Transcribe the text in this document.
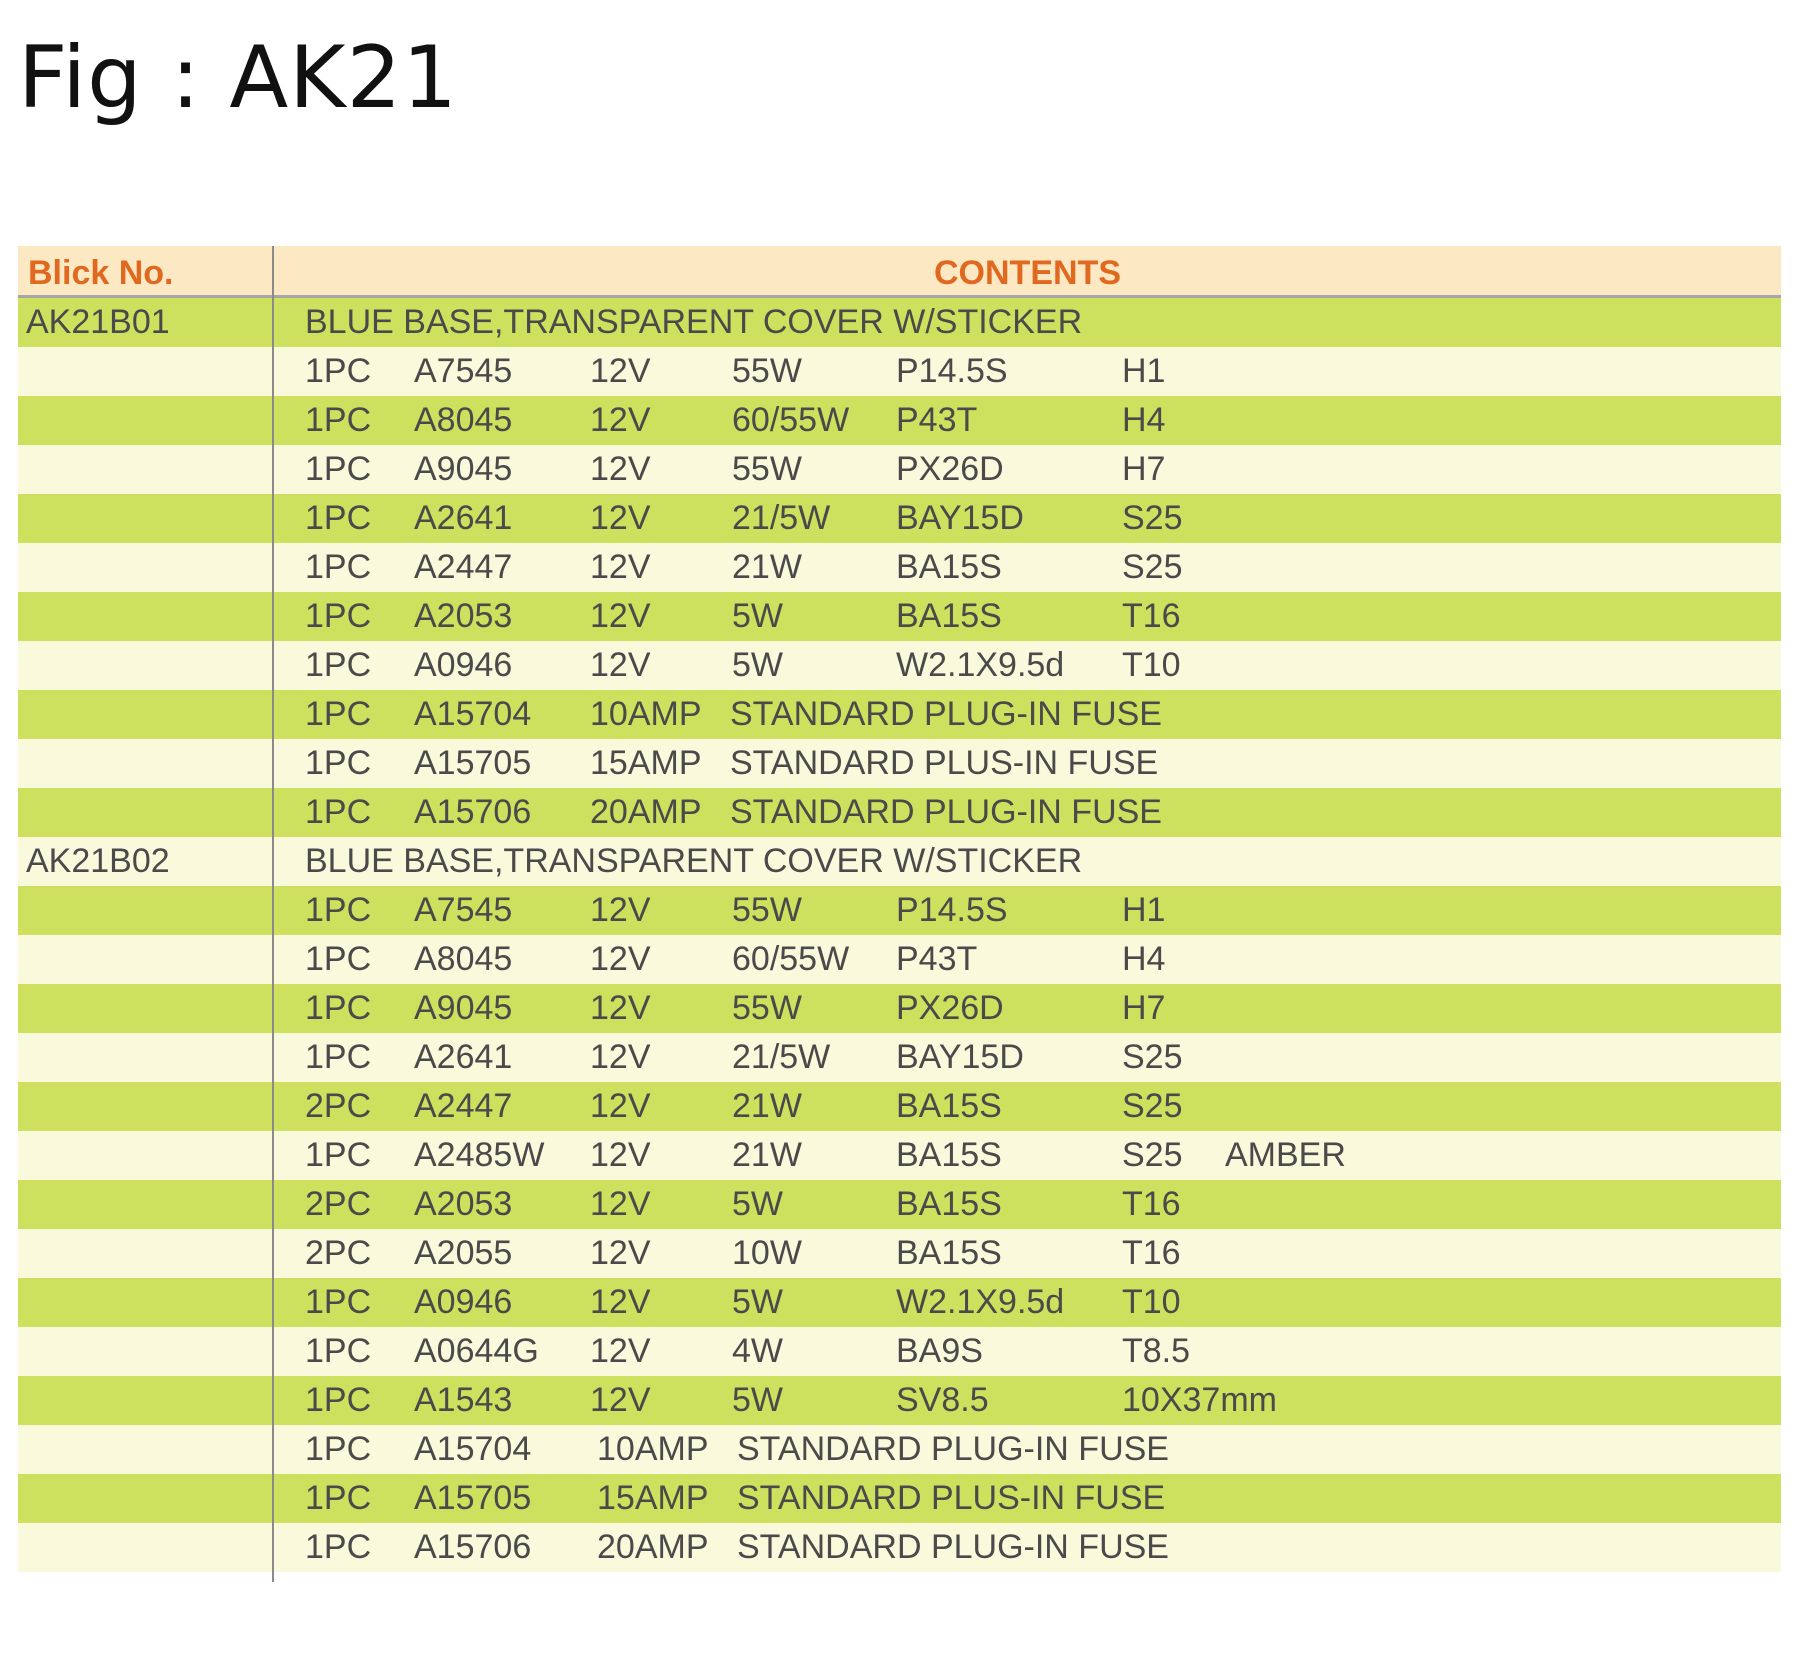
Fig : AK21
Blick No.	CONTENTS
AK21B01	BLUE BASE,TRANSPARENT COVER W/STICKER
1PC A7545 12V 55W	P14.5S	H1
1PC A8045 12V 60/55W P43T	H4
1PC A9045 12V 55W	PX26D	H7
1PC A2641 12V 21/5W BAY15D	S25
1PC A2447 12V 21W	BA15S	S25
1PC A2053 12V 5W	BA15S	T16
1PC A0946 12V 5W	W2.1X9.5d T10
1PC A15704 10AMP STANDARD PLUG-IN FUSE
1PC A15705 15AMP STANDARD PLUS-IN FUSE
1PC A15706 20AMP STANDARD PLUG-IN FUSE
AK21B02	BLUE BASE,TRANSPARENT COVER W/STICKER
1PC A7545 12V 55W	P14.5S	H1
1PC A8045 12V 60/55W P43T	H4
1PC A9045 12V 55W	PX26D	H7
1PC A2641 12V 21/5W BAY15D	S25
2PC A2447 12V 21W	BA15S	S25
1PC A2485W 12V 21W	BA15S	S25 AMBER
2PC A2053 12V 5W	BA15S	T16
2PC A2055 12V 10W	BA15S	T16
1PC A0946 12V 5W	W2.1X9.5d T10
1PC A0644G 12V 4W	BA9S	T8.5
1PC A1543 12V 5W	SV8.5	10X37mm
1PC A15704 10AMP STANDARD PLUG-IN FUSE
1PC A15705 15AMP STANDARD PLUS-IN FUSE
1PC A15706 20AMP STANDARD PLUG-IN FUSE
